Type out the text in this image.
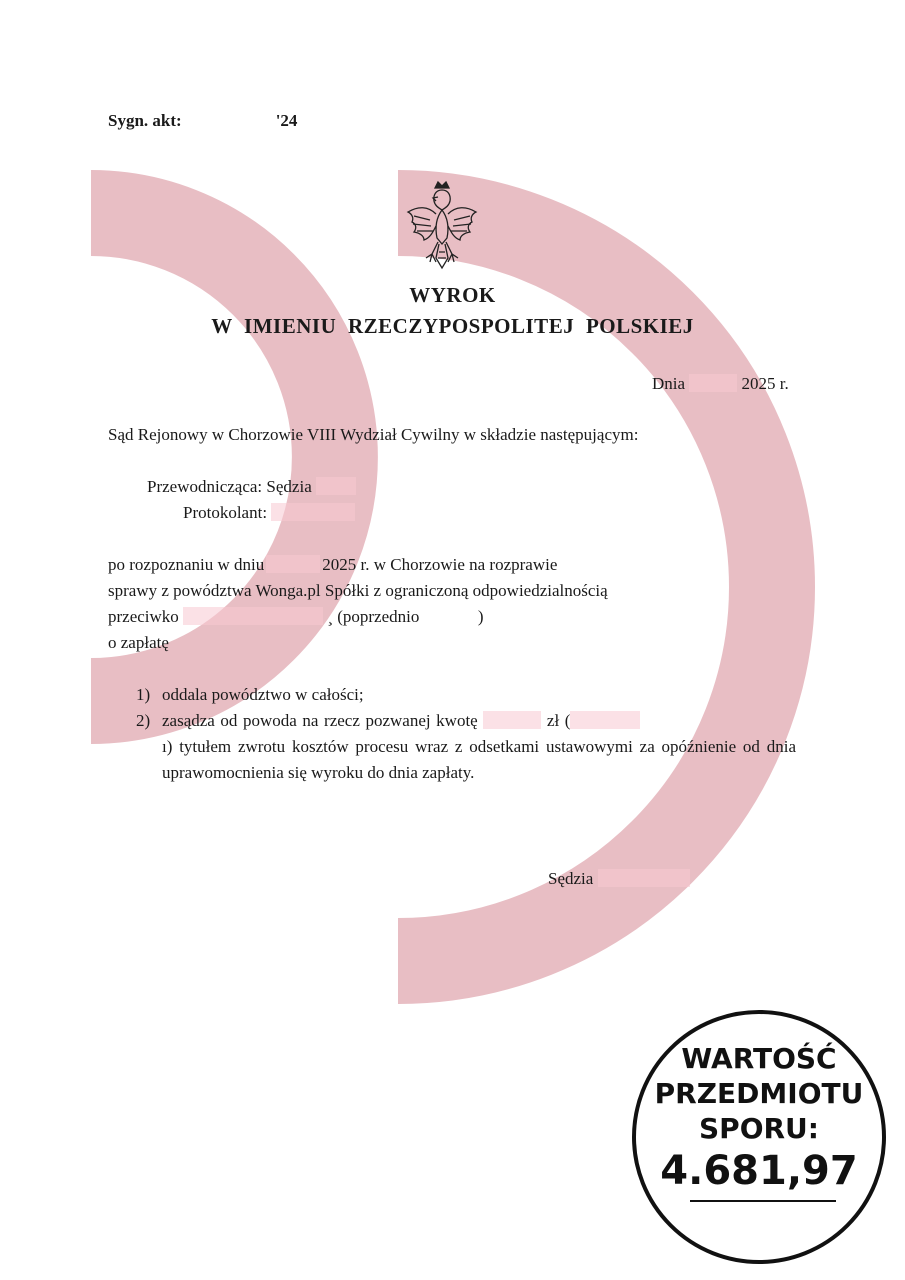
Sygn. akt:	'24
WYROK
W IMIENIU RZECZYPOSPOLITEJ POLSKIEJ
Dnia	2025 r.
Sąd Rejonowy w Chorzowie VIII Wydział Cywilny w składzie następującym:
Przewodnicząca: Sędzia
Protokolant:
po rozpoznaniu w dniu	2025 r. w Chorzowie na rozprawie
sprawy z powództwa Wonga.pl Spółki z ograniczoną odpowiedzialnością
przeciwko	¸ (poprzednio	)
o zapłatę
1) oddala powództwo w całości;
2) zasądza od powoda na rzecz pozwanej kwotę	zł (  ı) tytułem zwrotu kosztów procesu wraz z odsetkami ustawowymi za opóźnienie od dnia uprawomocnienia się wyroku do dnia zapłaty.
Sędzia
WARTOŚĆ
PRZEDMIOTU
SPORU:
4.681,97
